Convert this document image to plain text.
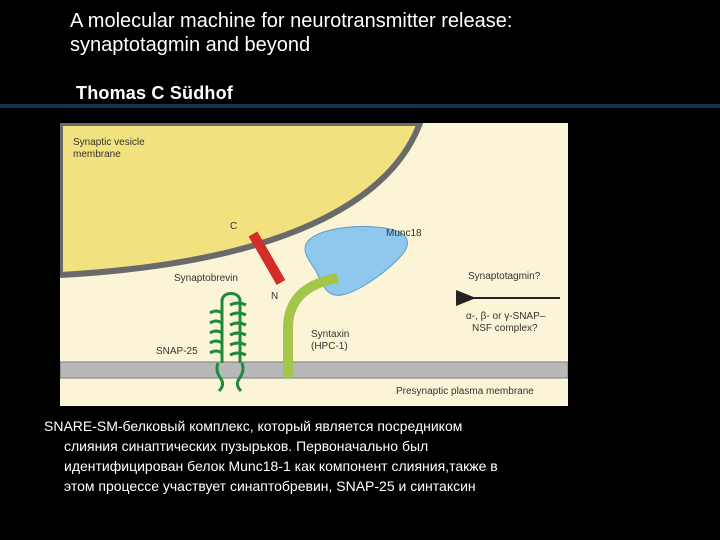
A molecular machine for neurotransmitter release:
synaptotagmin and beyond
Thomas C Südhof
Synaptic vesicle
membrane
C
N
Munc18
Synaptobrevin	Synaptotagmin?
α-, β- or γ-SNAP–
NSF complex?
Syntaxin
(HPC-1)
SNAP-25
Presynaptic plasma membrane
SNARE-SM-белковый комплекс, который является посредником
слияния синаптических пузырьков. Первоначально был
идентифицирован белок Munc18-1 как компонент слияния,также в
этом процессе участвует синаптобревин, SNAP-25 и синтаксин
